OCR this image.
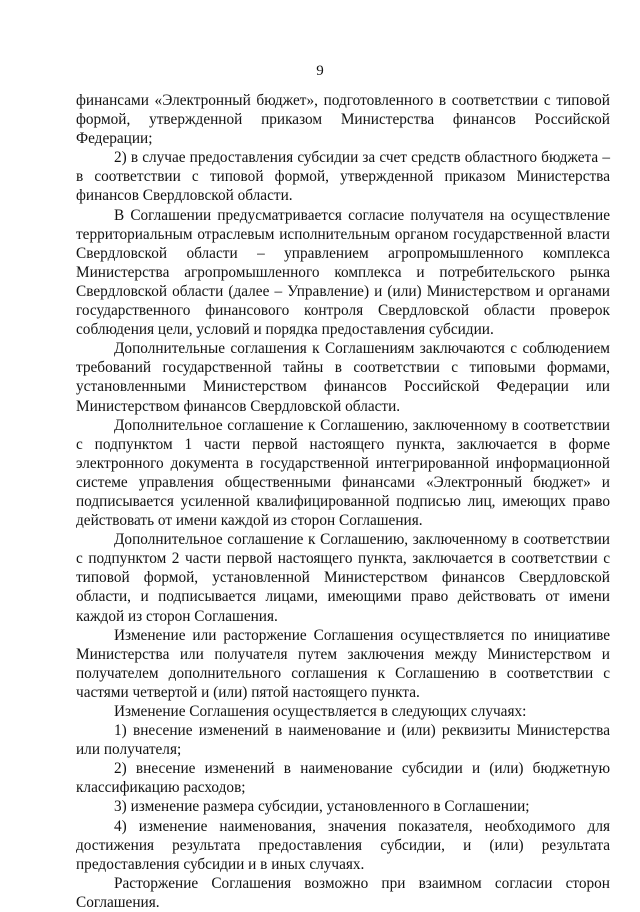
9

финансами «Электронный бюджет», подготовленного в соответствии с типовой формой, утвержденной приказом Министерства финансов Российской Федерации;

2) в случае предоставления субсидии за счет средств областного бюджета – в соответствии с типовой формой, утвержденной приказом Министерства финансов Свердловской области.

В Соглашении предусматривается согласие получателя на осуществление территориальным отраслевым исполнительным органом государственной власти Свердловской области – управлением агропромышленного комплекса Министерства агропромышленного комплекса и потребительского рынка Свердловской области (далее – Управление) и (или) Министерством и органами государственного финансового контроля Свердловской области проверок соблюдения цели, условий и порядка предоставления субсидии.

Дополнительные соглашения к Соглашениям заключаются с соблюдением требований государственной тайны в соответствии с типовыми формами, установленными Министерством финансов Российской Федерации или Министерством финансов Свердловской области.

Дополнительное соглашение к Соглашению, заключенному в соответствии с подпунктом 1 части первой настоящего пункта, заключается в форме электронного документа в государственной интегрированной информационной системе управления общественными финансами «Электронный бюджет» и подписывается усиленной квалифицированной подписью лиц, имеющих право действовать от имени каждой из сторон Соглашения.

Дополнительное соглашение к Соглашению, заключенному в соответствии с подпунктом 2 части первой настоящего пункта, заключается в соответствии с типовой формой, установленной Министерством финансов Свердловской области, и подписывается лицами, имеющими право действовать от имени каждой из сторон Соглашения.

Изменение или расторжение Соглашения осуществляется по инициативе Министерства или получателя путем заключения между Министерством и получателем дополнительного соглашения к Соглашению в соответствии с частями четвертой и (или) пятой настоящего пункта.

Изменение Соглашения осуществляется в следующих случаях:

1) внесение изменений в наименование и (или) реквизиты Министерства или получателя;

2) внесение изменений в наименование субсидии и (или) бюджетную классификацию расходов;

3) изменение размера субсидии, установленного в Соглашении;

4) изменение наименования, значения показателя, необходимого для достижения результата предоставления субсидии, и (или) результата предоставления субсидии и в иных случаях.

Расторжение Соглашения возможно при взаимном согласии сторон Соглашения.
